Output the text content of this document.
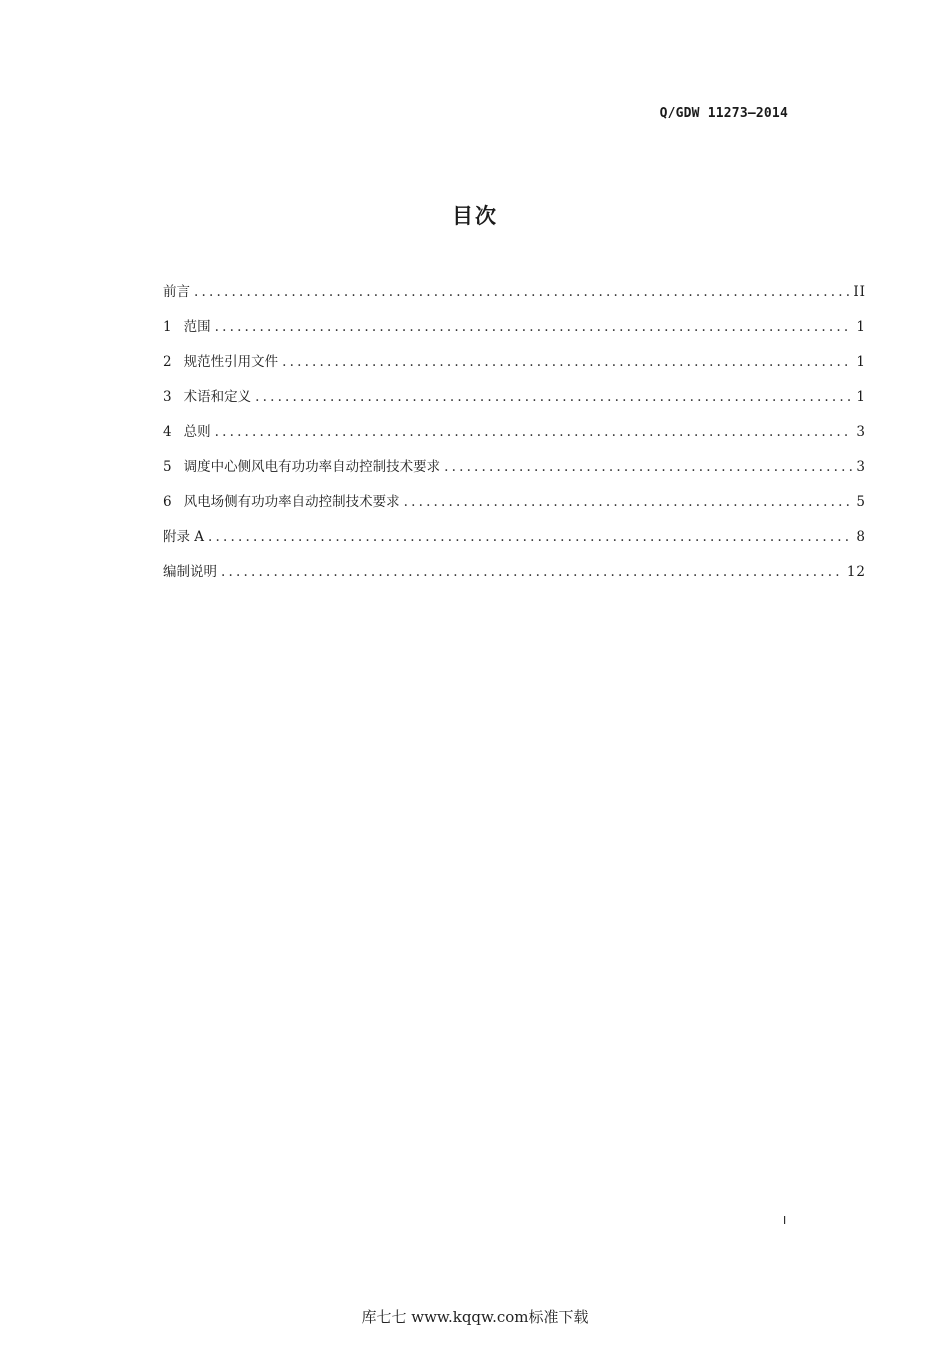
Q/GDW 11273—2014
目次
前言 .....	II
1 范围 .....	1
2 规范性引用文件 .....	1
3 术语和定义 .....	1
4 总则 .....	3
5 调度中心侧风电有功功率自动控制技术要求 .....	3
6 风电场侧有功功率自动控制技术要求 .....	5
附录 A .....	8
编制说明 .....	12
I
库七七 www.kqqw.com标准下载
